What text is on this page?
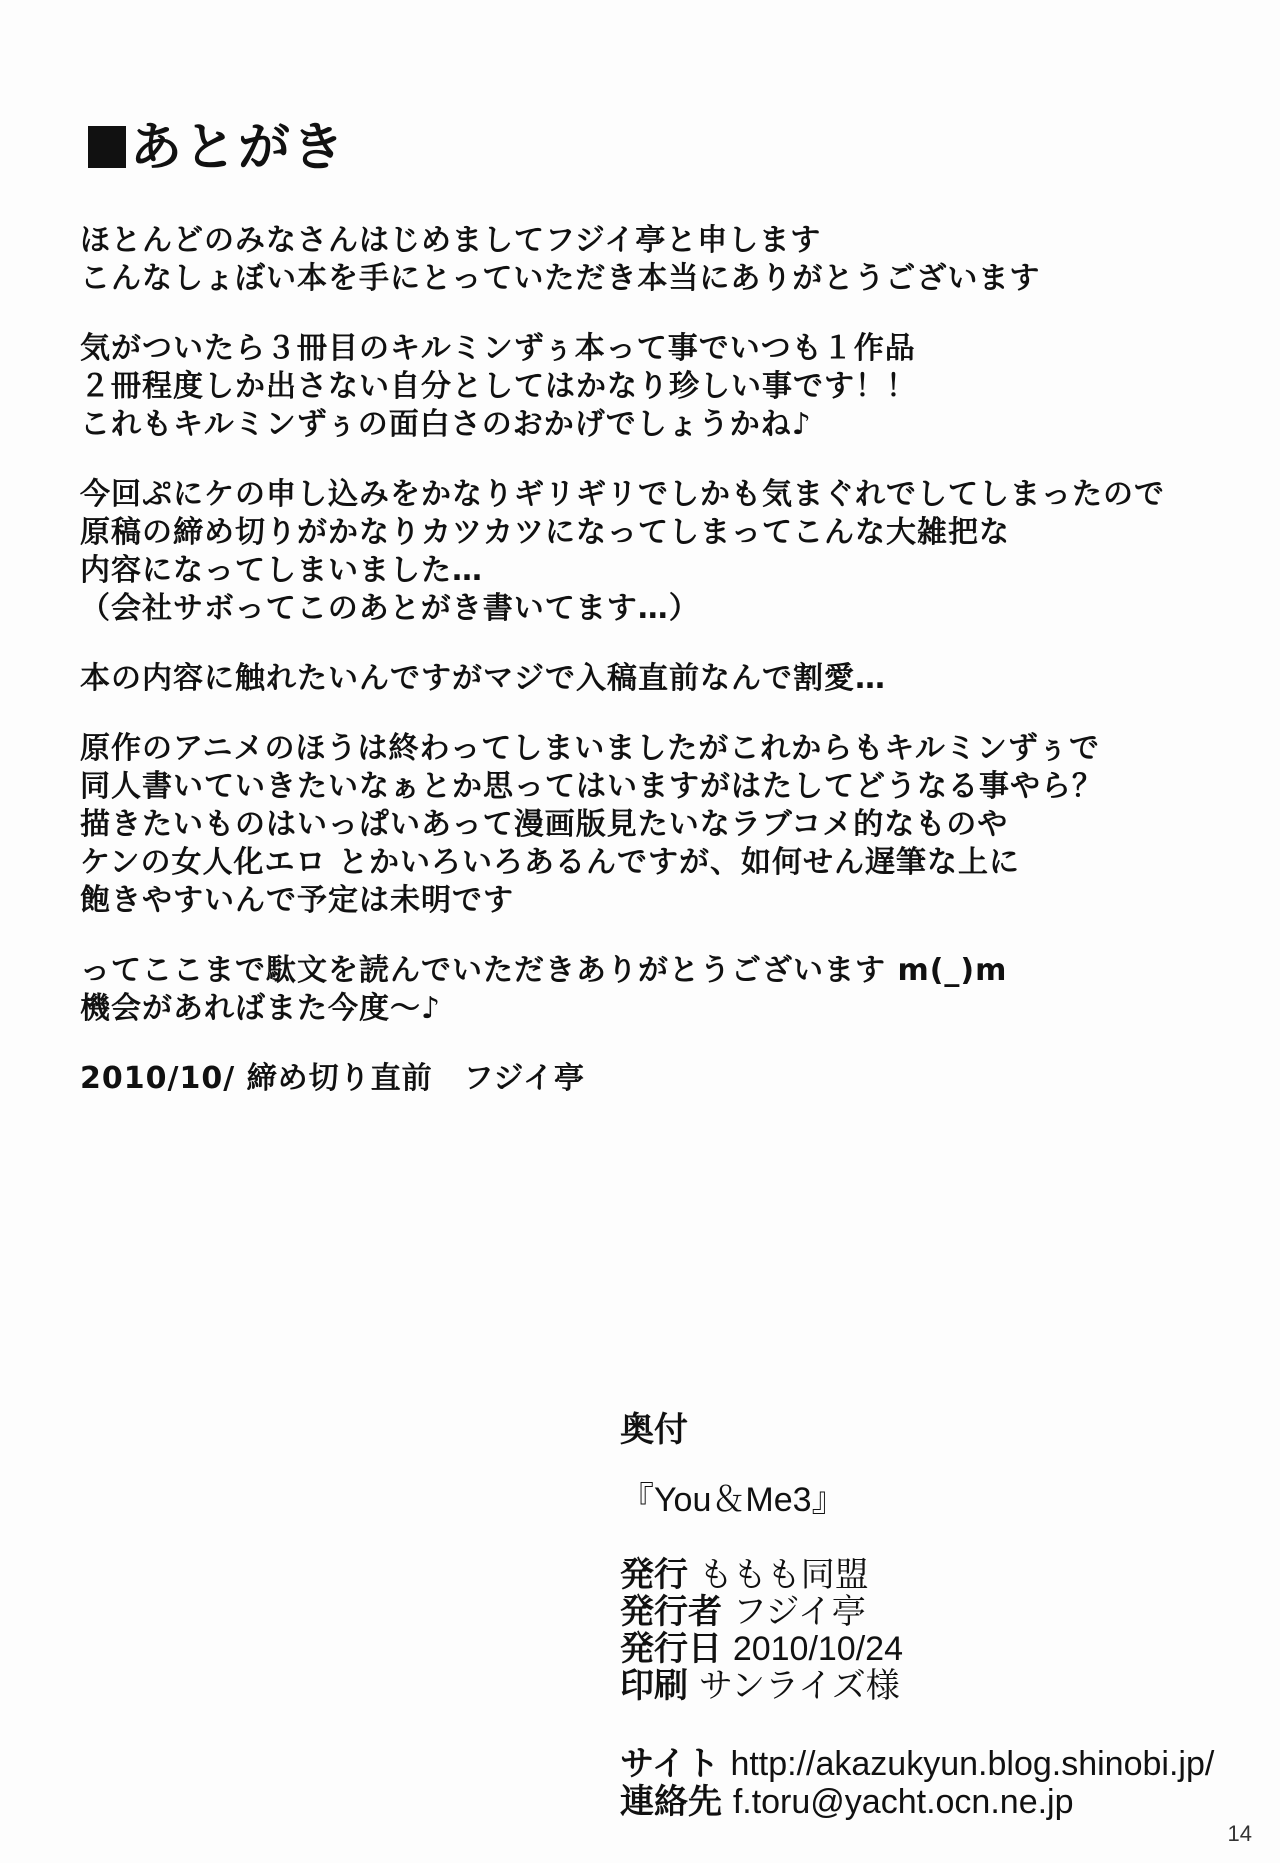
あとがき
ほとんどのみなさんはじめましてフジイ亭と申します
こんなしょぼい本を手にとっていただき本当にありがとうございます
気がついたら３冊目のキルミンずぅ本って事でいつも１作品
２冊程度しか出さない自分としてはかなり珍しい事です！！
これもキルミンずぅの面白さのおかげでしょうかね♪
今回ぷにケの申し込みをかなりギリギリでしかも気まぐれでしてしまったので
原稿の締め切りがかなりカツカツになってしまってこんな大雑把な
内容になってしまいました…
（会社サボってこのあとがき書いてます…）
本の内容に触れたいんですがマジで入稿直前なんで割愛…
原作のアニメのほうは終わってしまいましたがこれからもキルミンずぅで
同人書いていきたいなぁとか思ってはいますがはたしてどうなる事やら？
描きたいものはいっぱいあって漫画版見たいなラブコメ的なものや
ケンの女人化エロ とかいろいろあるんですが、如何せん遅筆な上に
飽きやすいんで予定は未明です
ってここまで駄文を読んでいただきありがとうございます m(_)m
機会があればまた今度～♪
2010/10/ 締め切り直前　フジイ亭
奥付
『You＆Me3』
発行 ももも同盟
発行者 フジイ亭
発行日 2010/10/24
印刷 サンライズ様
サイト http://akazukyun.blog.shinobi.jp/
連絡先 f.toru@yacht.ocn.ne.jp
14
